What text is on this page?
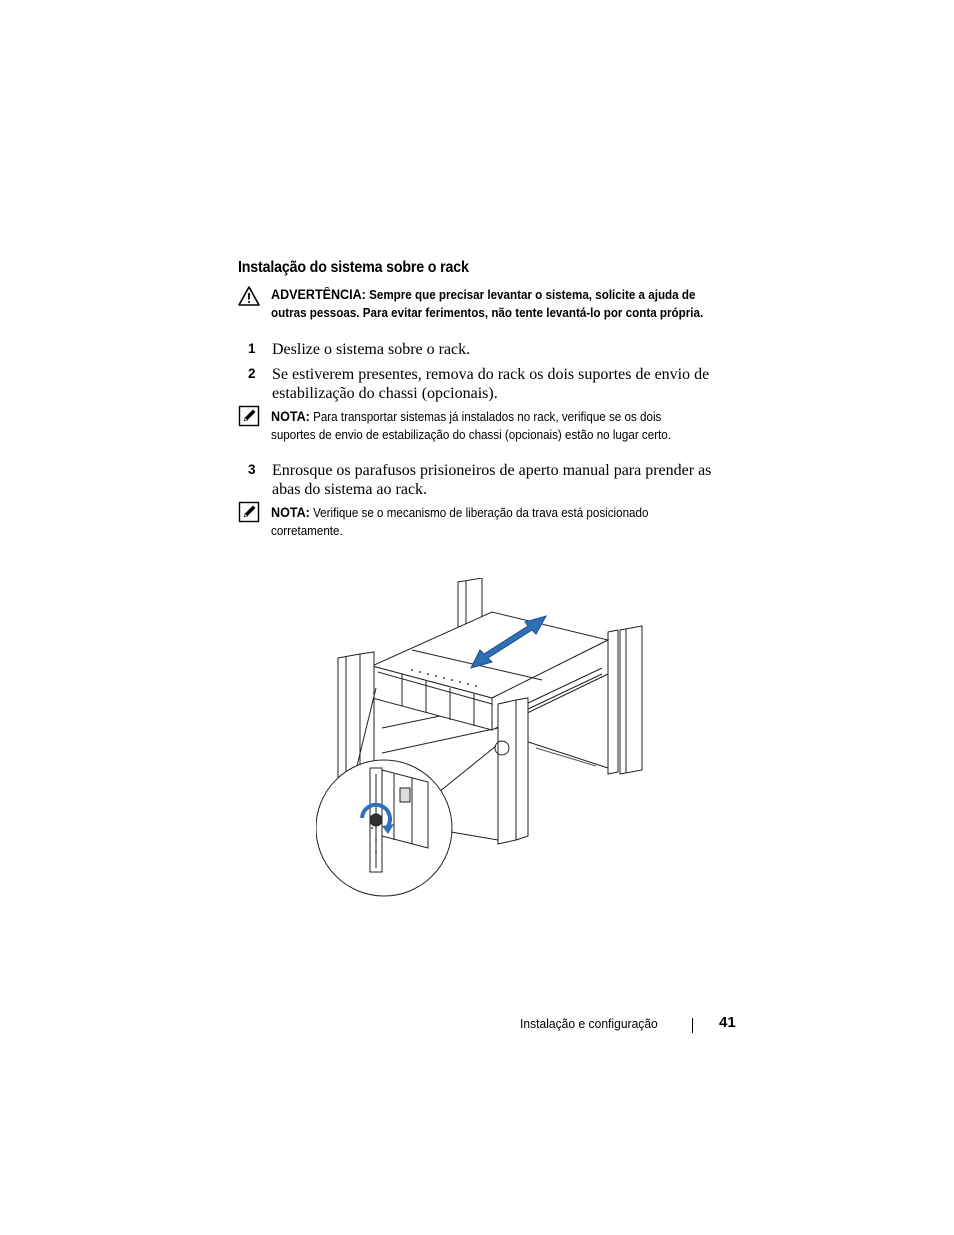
Instalação do sistema sobre o rack
ADVERTÊNCIA: Sempre que precisar levantar o sistema, solicite a ajuda de outras pessoas. Para evitar ferimentos, não tente levantá-lo por conta própria.
1 Deslize o sistema sobre o rack.
2 Se estiverem presentes, remova do rack os dois suportes de envio de estabilização do chassi (opcionais).
NOTA: Para transportar sistemas já instalados no rack, verifique se os dois suportes de envio de estabilização do chassi (opcionais) estão no lugar certo.
3 Enrosque os parafusos prisioneiros de aperto manual para prender as abas do sistema ao rack.
NOTA: Verifique se o mecanismo de liberação da trava está posicionado corretamente.
Instalação e configuração	41
